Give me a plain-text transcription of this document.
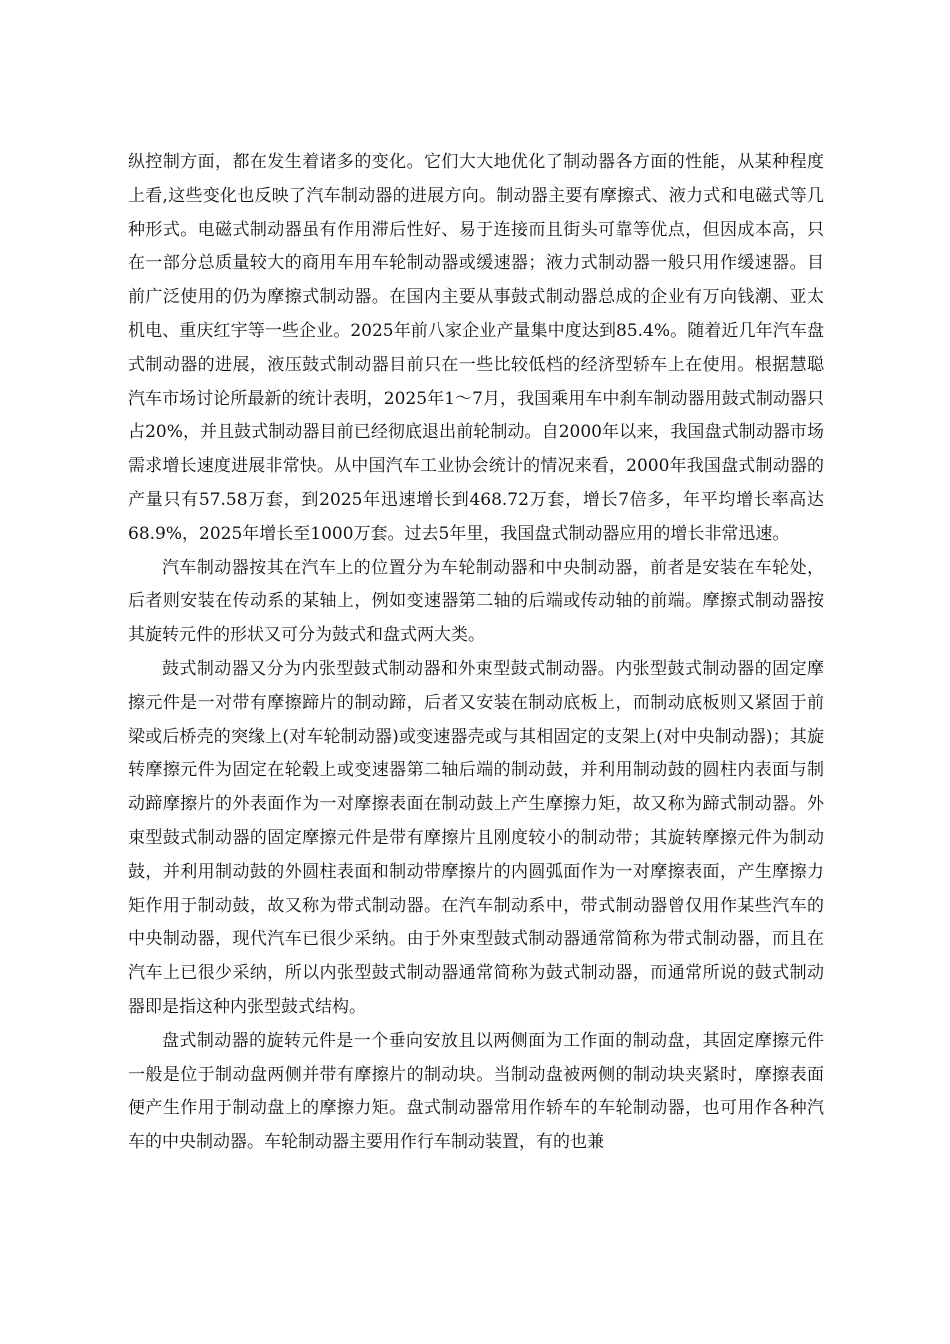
纵控制方面，都在发生着诸多的变化。它们大大地优化了制动器各方面的性能，从某种程度上看,这些变化也反映了汽车制动器的进展方向。制动器主要有摩擦式、液力式和电磁式等几种形式。电磁式制动器虽有作用滞后性好、易于连接而且街头可靠等优点，但因成本高，只在一部分总质量较大的商用车用车轮制动器或缓速器；液力式制动器一般只用作缓速器。目前广泛使用的仍为摩擦式制动器。在国内主要从事鼓式制动器总成的企业有万向钱潮、亚太机电、重庆红宇等一些企业。2025年前八家企业产量集中度达到85.4%。随着近几年汽车盘式制动器的进展，液压鼓式制动器目前只在一些比较低档的经济型轿车上在使用。根据慧聪汽车市场讨论所最新的统计表明，2025年1～7月，我国乘用车中刹车制动器用鼓式制动器只占20%，并且鼓式制动器目前已经彻底退出前轮制动。自2000年以来，我国盘式制动器市场需求增长速度进展非常快。从中国汽车工业协会统计的情况来看，2000年我国盘式制动器的产量只有57.58万套，到2025年迅速增长到468.72万套，增长7倍多，年平均增长率高达68.9%，2025年增长至1000万套。过去5年里，我国盘式制动器应用的增长非常迅速。

汽车制动器按其在汽车上的位置分为车轮制动器和中央制动器，前者是安装在车轮处，后者则安装在传动系的某轴上，例如变速器第二轴的后端或传动轴的前端。摩擦式制动器按其旋转元件的形状又可分为鼓式和盘式两大类。

鼓式制动器又分为内张型鼓式制动器和外束型鼓式制动器。内张型鼓式制动器的固定摩擦元件是一对带有摩擦蹄片的制动蹄，后者又安装在制动底板上，而制动底板则又紧固于前梁或后桥壳的突缘上(对车轮制动器)或变速器壳或与其相固定的支架上(对中央制动器)；其旋转摩擦元件为固定在轮毂上或变速器第二轴后端的制动鼓，并利用制动鼓的圆柱内表面与制动蹄摩擦片的外表面作为一对摩擦表面在制动鼓上产生摩擦力矩，故又称为蹄式制动器。外束型鼓式制动器的固定摩擦元件是带有摩擦片且刚度较小的制动带；其旋转摩擦元件为制动鼓，并利用制动鼓的外圆柱表面和制动带摩擦片的内圆弧面作为一对摩擦表面，产生摩擦力矩作用于制动鼓，故又称为带式制动器。在汽车制动系中，带式制动器曾仅用作某些汽车的中央制动器，现代汽车已很少采纳。由于外束型鼓式制动器通常简称为带式制动器，而且在汽车上已很少采纳，所以内张型鼓式制动器通常简称为鼓式制动器，而通常所说的鼓式制动器即是指这种内张型鼓式结构。

盘式制动器的旋转元件是一个垂向安放且以两侧面为工作面的制动盘，其固定摩擦元件一般是位于制动盘两侧并带有摩擦片的制动块。当制动盘被两侧的制动块夹紧时，摩擦表面便产生作用于制动盘上的摩擦力矩。盘式制动器常用作轿车的车轮制动器，也可用作各种汽车的中央制动器。车轮制动器主要用作行车制动装置，有的也兼
